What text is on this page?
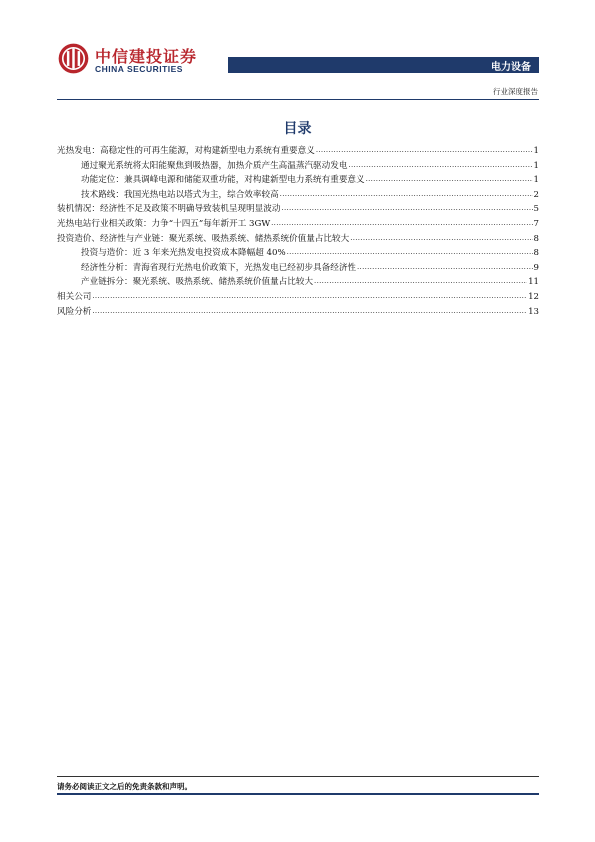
中信建投证券
CHINA SECURITIES	电力设备
行业深度报告
目录
光热发电：高稳定性的可再生能源，对构建新型电力系统有重要意义 .....	1
通过聚光系统将太阳能聚焦到吸热器，加热介质产生高温蒸汽驱动发电 .....	1
功能定位：兼具调峰电源和储能双重功能，对构建新型电力系统有重要意义 .....	1
技术路线：我国光热电站以塔式为主，综合效率较高 .....	2
装机情况：经济性不足及政策不明确导致装机呈现明显波动 .....	5
光热电站行业相关政策：力争“十四五”每年新开工 3GW .....	7
投资造价、经济性与产业链：聚光系统、吸热系统、储热系统价值量占比较大 .....	8
投资与造价：近 3 年来光热发电投资成本降幅超 40% .....	8
经济性分析：青海省现行光热电价政策下，光热发电已经初步具备经济性 .....	9
产业链拆分：聚光系统、吸热系统、储热系统价值量占比较大 .....	11
相关公司 .....	12
风险分析 .....	13
请务必阅读正文之后的免责条款和声明。
